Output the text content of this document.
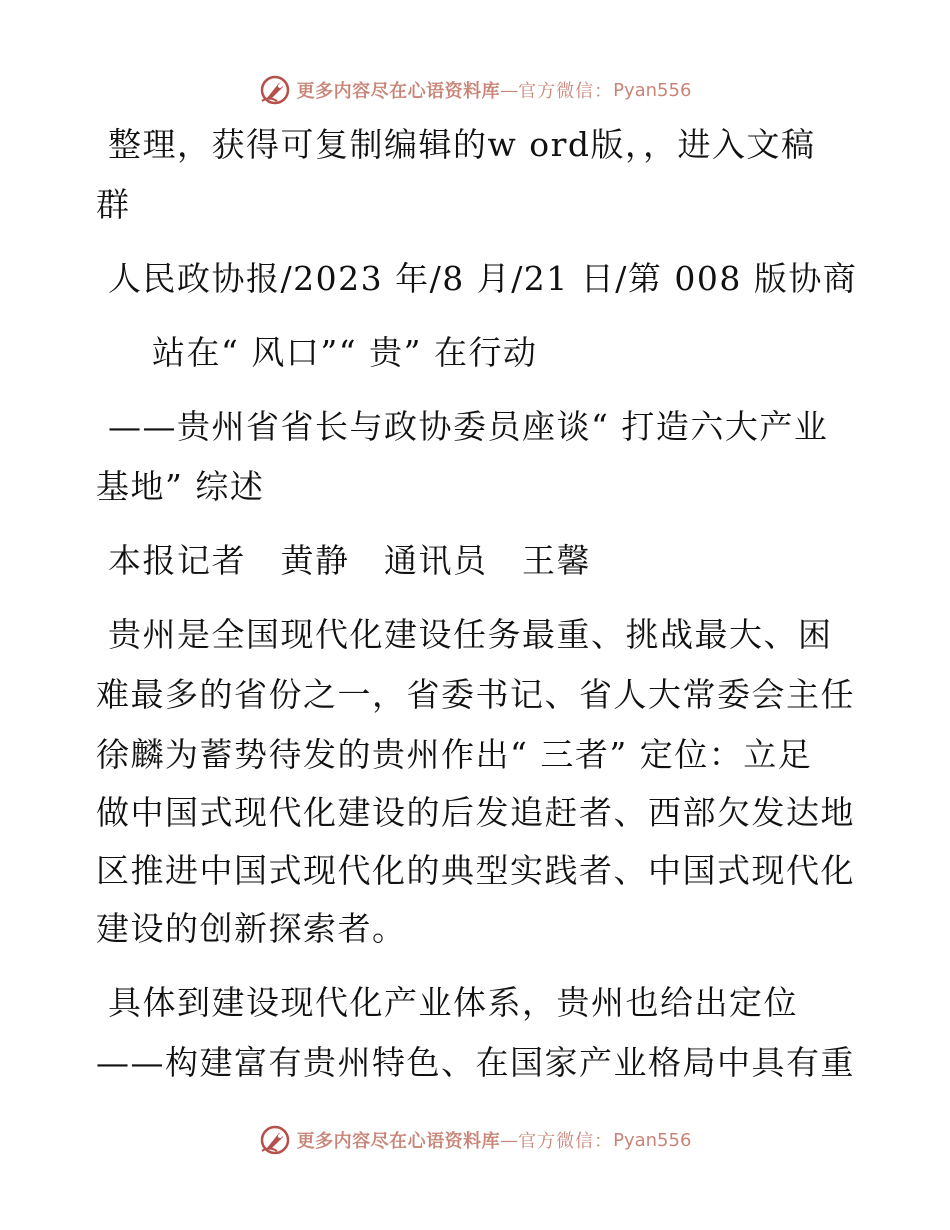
更多内容尽在心语资料库 — 官方微信： Pyan556
整理，获得可复制编辑的w ord版，，进入文稿
群
人民政协报/2023 年/8 月/21 日/第 008 版协商
站在“ 风口”“ 贵” 在行动
——贵州省省长与政协委员座谈“ 打造六大产业
基地” 综述
本报记者　黄静　通讯员　王馨
贵州是全国现代化建设任务最重、挑战最大、困
难最多的省份之一，省委书记、省人大常委会主任
徐麟为蓄势待发的贵州作出“ 三者” 定位：立足
做中国式现代化建设的后发追赶者、西部欠发达地
区推进中国式现代化的典型实践者、中国式现代化
建设的创新探索者。
具体到建设现代化产业体系，贵州也给出定位
——构建富有贵州特色、在国家产业格局中具有重
更多内容尽在心语资料库 — 官方微信： Pyan556
